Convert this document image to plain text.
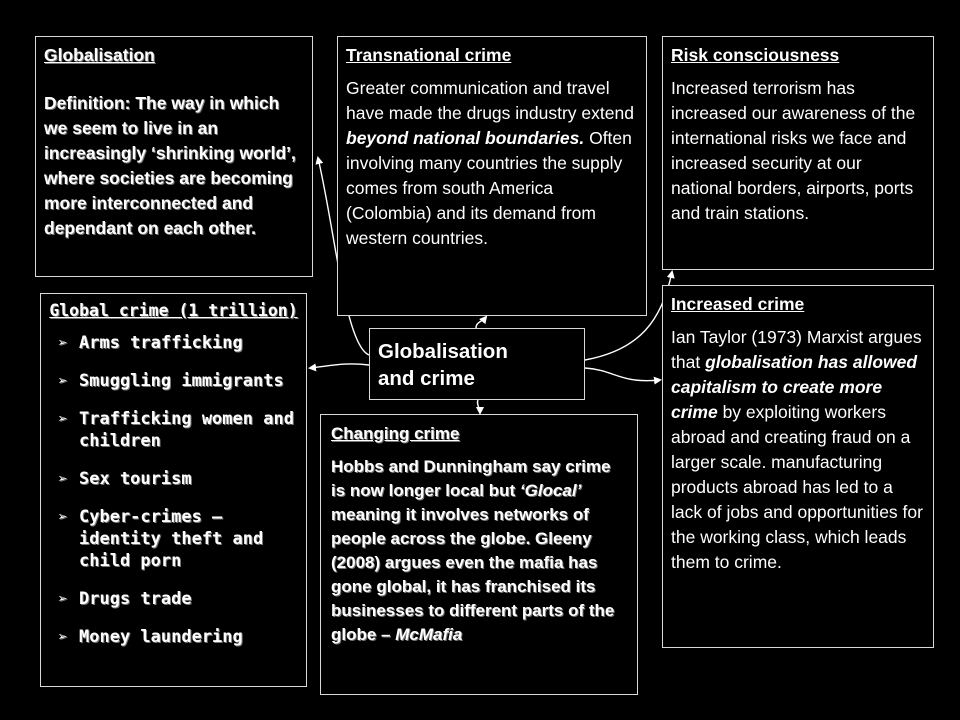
Globalisation
Definition: The way in which we seem to live in an increasingly ‘shrinking world’, where societies are becoming more interconnected and dependant on each other.
Transnational crime
Greater communication and travel have made the drugs industry extend beyond national boundaries. Often involving many countries the supply comes from south America (Colombia) and its demand from western countries.
Risk consciousness
Increased terrorism has increased our awareness of the international risks we face and increased security at our national borders, airports, ports and train stations.
Global crime (1 trillion)
➢ Arms trafficking
➢ Smuggling immigrants
➢ Trafficking women and children
➢ Sex tourism
➢ Cyber-crimes – identity theft and child porn
➢ Drugs trade
➢ Money laundering
Globalisation
and crime
Changing crime
Hobbs and Dunningham say crime is now longer local but ‘Glocal’ meaning it involves networks of people across the globe. Gleeny (2008) argues even the mafia has gone global, it has franchised its businesses to different parts of the globe – McMafia
Increased crime
Ian Taylor (1973) Marxist argues that globalisation has allowed capitalism to create more crime by exploiting workers abroad and creating fraud on a larger scale. manufacturing products abroad has led to a lack of jobs and opportunities for the working class, which leads them to crime.
